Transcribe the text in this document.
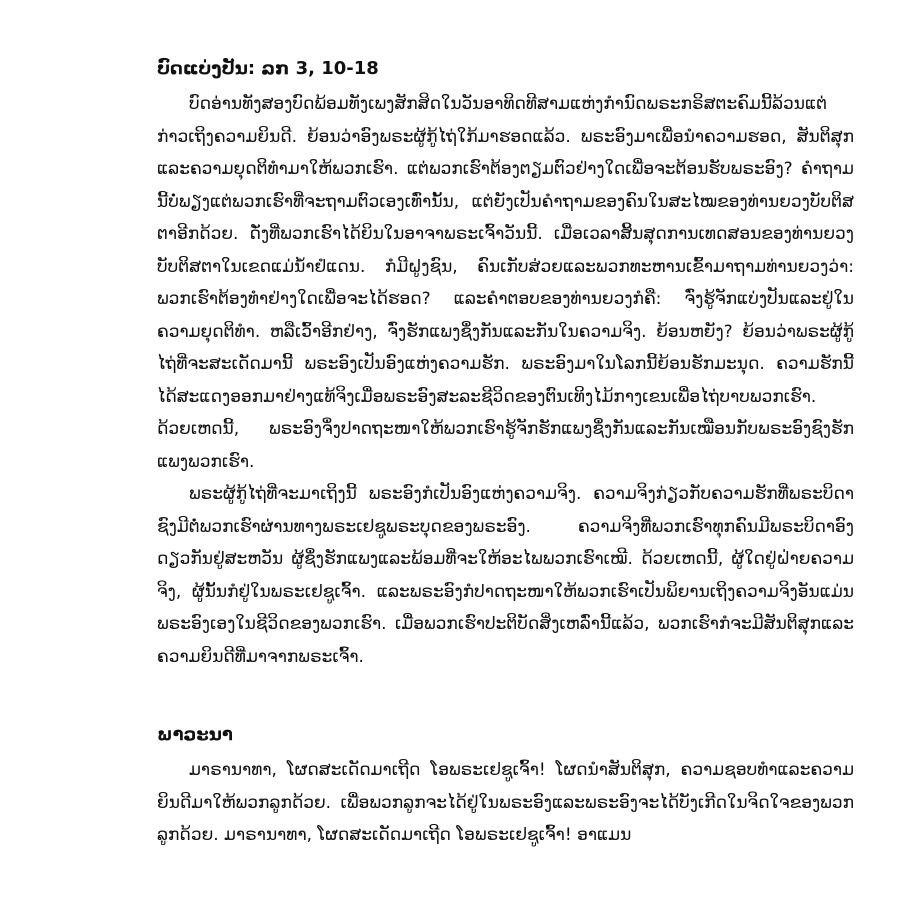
ບົດແບ່ງປັນ: ລກ 3, 10-18

ບົດອ່ານທັງສອງບົດພ້ອມທັງເພງສັກສິດໃນວັນອາທິດທີສາມແຫ່ງກຳນົດພຣະກຣິສຕະຄົມນີ້ລ້ວນແຕ່ກ່າວເຖິງຄວາມຍິນດີ. ຍ້ອນວ່າອົງພຣະຜູ້ກູ້ໄຖ່ໃກ້ມາຮອດແລ້ວ. ພຣະອົງມາເພື່ອນຳຄວາມຮອດ, ສັນຕິສຸກແລະຄວາມຍຸດຕິທຳມາໃຫ້ພວກເຮົາ. ແຕ່ພວກເຮົາຕ້ອງຕຽມຕົວຢ່າງໃດເພື່ອຈະຕ້ອນຮັບພຣະອົງ? ຄຳຖາມນີ້ບໍ່ພຽງແຕ່ພວກເຮົາທີ່ຈະຖາມຕົວເອງເທົ່ານັ້ນ, ແຕ່ຍັງເປັນຄຳຖາມຂອງຄົນໃນສະໄໝຂອງທ່ານຍວງບັບຕິສຕາອີກດ້ວຍ. ດັ່ງທີ່ພວກເຮົາໄດ້ຍິນໃນອາຈາພຣະເຈົ້າວັນນີ້. ເມື່ອເວລາສິ້ນສຸດການເທດສອນຂອງທ່ານຍວງບັບຕິສຕາໃນເຂດແມ່ນ້ຳຢໍແດນ. ກໍມີຝູງຊົນ, ຄົນເກັບສ່ວຍແລະພວກທະຫານເຂົ້າມາຖາມທ່ານຍວງວ່າ: ພວກເຮົາຕ້ອງທຳຢ່າງໃດເພື່ອຈະໄດ້ຮອດ? ແລະຄຳຕອບຂອງທ່ານຍວງກໍຄື: ຈົ່ງຮູ້ຈັກແບ່ງປັນແລະຢູ່ໃນຄວາມຍຸດຕິທຳ. ຫລືເວົ້າອີກຢ່າງ, ຈົ່ງຮັກແພງຊຶ່ງກັນແລະກັນໃນຄວາມຈິງ. ຍ້ອນຫຍັງ? ຍ້ອນວ່າພຣະຜູ້ກູ້ໄຖ່ທີ່ຈະສະເດັດມານີ້ ພຣະອົງເປັນອົງແຫ່ງຄວາມຮັກ. ພຣະອົງມາໃນໂລກນີ້ຍ້ອນຮັກມະນຸດ. ຄວາມຮັກນີ້ໄດ້ສະແດງອອກມາຢ່າງແທ້ຈິງເມື່ອພຣະອົງສະລະຊີວິດຂອງຕົນເທິງໄມ້ກາງເຂນເພື່ອໄຖ່ບາບພວກເຮົາ. ດ້ວຍເຫດນີ້, ພຣະອົງຈຶ່ງປາດຖະໜາໃຫ້ພວກເຮົາຮູ້ຈັກຮັກແພງຊຶ່ງກັນແລະກັນເໝືອນກັບພຣະອົງຊົງຮັກແພງພວກເຮົາ.

ພຣະຜູ້ກູ້ໄຖ່ທີ່ຈະມາເຖິງນີ້ ພຣະອົງກໍເປັນອົງແຫ່ງຄວາມຈິງ. ຄວາມຈິງກ່ຽວກັບຄວາມຮັກທີ່ພຣະບິດາຊົງມີຕໍ່ພວກເຮົາຜ່ານທາງພຣະເຢຊູພຣະບຸດຂອງພຣະອົງ. ຄວາມຈິງທີ່ພວກເຮົາທຸກຄົນມີພຣະບິດາອົງດຽວກັນຢູ່ສະຫວັນ ຜູ້ຊຶ່ງຮັກແພງແລະພ້ອມທີ່ຈະໃຫ້ອະໄພພວກເຮົາເໝີ. ດ້ວຍເຫດນີ້, ຜູ້ໃດຢູ່ຝ່າຍຄວາມຈິງ, ຜູ້ນັ້ນກໍຢູ່ໃນພຣະເຢຊູເຈົ້າ. ແລະພຣະອົງກໍປາດຖະໜາໃຫ້ພວກເຮົາເປັນພິຍານເຖິງຄວາມຈິງອັນແມ່ນພຣະອົງເອງໃນຊີວິດຂອງພວກເຮົາ. ເມື່ອພວກເຮົາປະຕິບັດສິ່ງເຫລົ່ານີ້ແລ້ວ, ພວກເຮົາກໍຈະມີສັນຕິສຸກແລະຄວາມຍິນດີທີ່ມາຈາກພຣະເຈົ້າ.

ພາວະນາ

ມາຣານາທາ, ໂຜດສະເດັດມາເຖີດ ໂອພຣະເຢຊູເຈົ້າ! ໂຜດນຳສັນຕິສຸກ, ຄວາມຊອບທຳແລະຄວາມຍິນດີມາໃຫ້ພວກລູກດ້ວຍ. ເພື່ອພວກລູກຈະໄດ້ຢູ່ໃນພຣະອົງແລະພຣະອົງຈະໄດ້ບັງເກີດໃນຈິດໃຈຂອງພວກລູກດ້ວຍ. ມາຣານາທາ, ໂຜດສະເດັດມາເຖີດ ໂອພຣະເຢຊູເຈົ້າ! ອາແມນ
